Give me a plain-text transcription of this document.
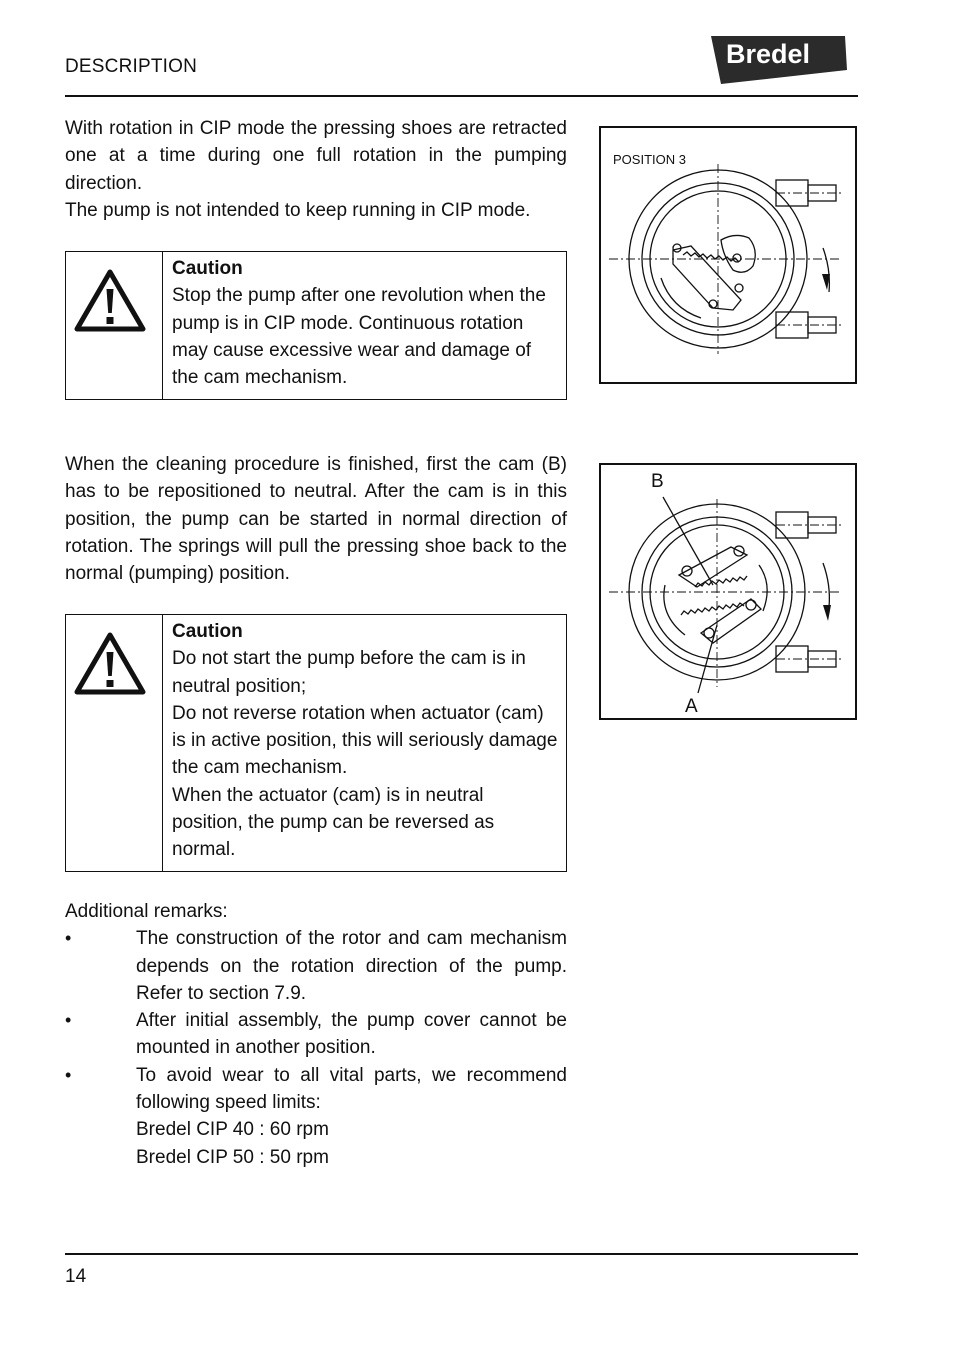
DESCRIPTION	Bredel

With rotation in CIP mode the pressing shoes are retracted one at a time during one full rotation in the pumping direction.

The pump is not intended to keep running in CIP mode.

Caution
Stop the pump after one revolution when the pump is in CIP mode. Continuous rotation may cause excessive wear and damage of the cam mechanism.
POSITION 3
When the cleaning procedure is finished, first the cam (B) has to be repositioned to neutral. After the cam is in this position, the pump can be started in normal direction of rotation. The springs will pull the pressing shoe back to the normal (pumping) position.
Caution
Do not start the pump before the cam is in neutral position;
Do not reverse rotation when actuator (cam) is in active position, this will seriously damage the cam mechanism.
When the actuator (cam) is in neutral position, the pump can be reversed as normal.
B
A
Additional remarks:
•	The construction of the rotor and cam mechanism depends on the rotation direction of the pump. Refer to section 7.9.
•	After initial assembly, the pump cover cannot be mounted in another position.
•	To avoid wear to all vital parts, we recommend following speed limits:
Bredel CIP 40 : 60 rpm
Bredel CIP 50 : 50 rpm
14
